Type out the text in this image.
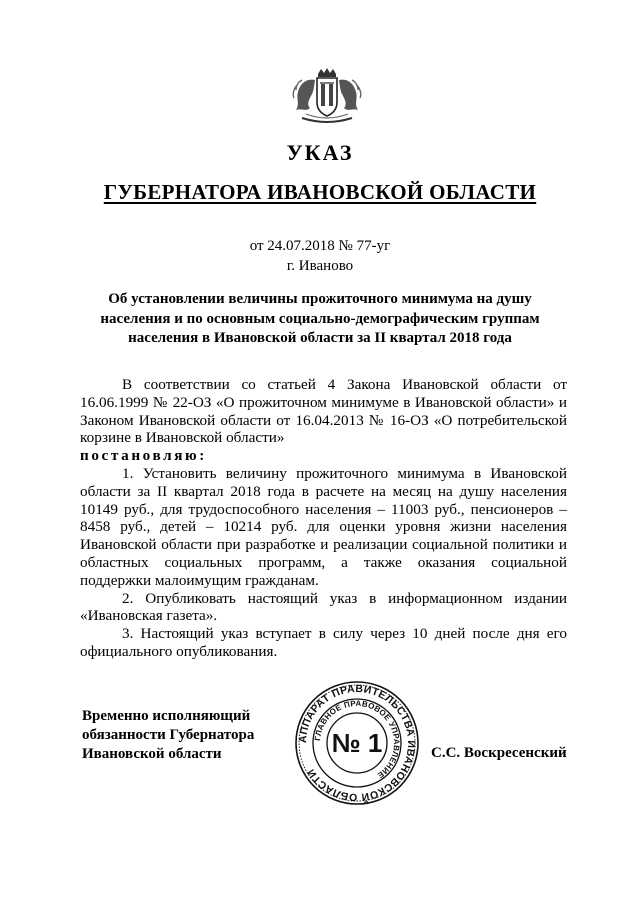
УКАЗ
ГУБЕРНАТОРА ИВАНОВСКОЙ ОБЛАСТИ
от 24.07.2018 № 77-уг
г. Иваново
Об установлении величины прожиточного минимума на душу
населения и по основным социально-демографическим группам
населения в Ивановской области за II квартал 2018 года

В соответствии со статьей 4 Закона Ивановской области от 16.06.1999 № 22-ОЗ «О прожиточном минимуме в Ивановской области» и Законом Ивановской области от 16.04.2013 № 16-ОЗ «О потребительской корзине в Ивановской области»

постановляю:

1. Установить величину прожиточного минимума в Ивановской области за II квартал 2018 года в расчете на месяц на душу населения 10149 руб., для трудоспособного населения – 11003 руб., пенсионеров – 8458 руб., детей – 10214 руб. для оценки уровня жизни населения Ивановской области при разработке и реализации социальной политики и областных социальных программ, а также оказания социальной поддержки малоимущим гражданам.

2. Опубликовать настоящий указ в информационном издании «Ивановская газета».

3. Настоящий указ вступает в силу через 10 дней после дня его официального опубликования.

Временно исполняющий
обязанности Губернатора
Ивановской области
АППАРАТ ПРАВИТЕЛЬСТВА ИВАНОВСКОЙ ОБЛАСТИ
ГЛАВНОЕ ПРАВОВОЕ УПРАВЛЕНИЕ
№ 1	С.С. Воскресенский
